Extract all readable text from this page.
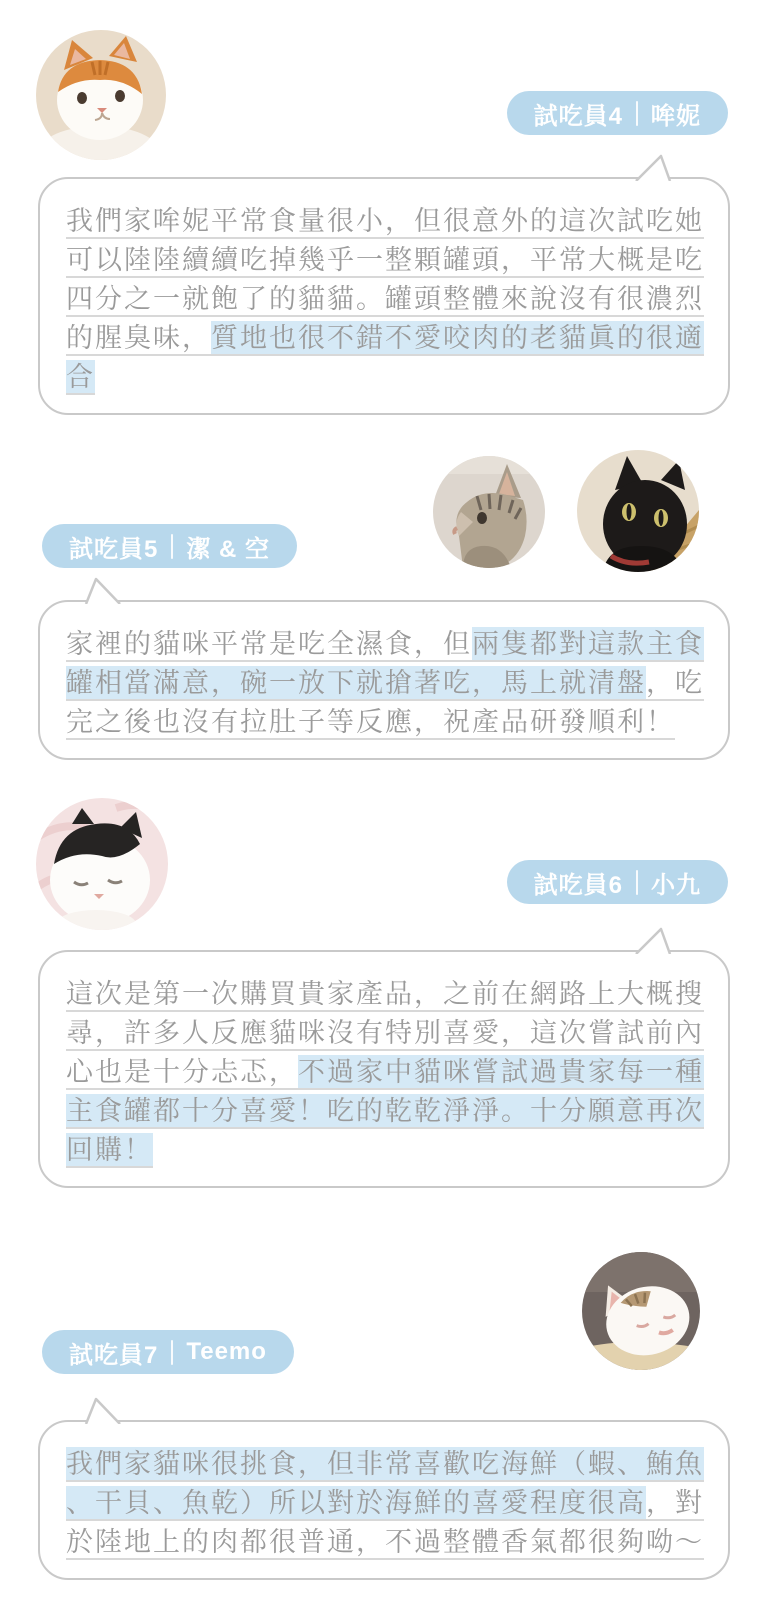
試吃員4 哞妮

我們家哞妮平常食量很小，但很意外的這次試吃她可以陸陸續續吃掉幾乎一整顆罐頭，平常大概是吃四分之一就飽了的貓貓。罐頭整體來說沒有很濃烈的腥臭味，質地也很不錯不愛咬肉的老貓眞的很適合

試吃員5 潔 & 空

家裡的貓咪平常是吃全濕食，但兩隻都對這款主食罐相當滿意，碗一放下就搶著吃，馬上就清盤，吃完之後也沒有拉肚子等反應，祝產品研發順利！

試吃員6 小九

這次是第一次購買貴家產品，之前在網路上大概搜尋，許多人反應貓咪沒有特別喜愛，這次嘗試前內心也是十分忐忑，不過家中貓咪嘗試過貴家每一種主食罐都十分喜愛！吃的乾乾淨淨。十分願意再次回購！

試吃員7 Teemo

我們家貓咪很挑食，但非常喜歡吃海鮮（蝦、鮪魚、干貝、魚乾）所以對於海鮮的喜愛程度很高，對於陸地上的肉都很普通，不過整體香氣都很夠呦～
